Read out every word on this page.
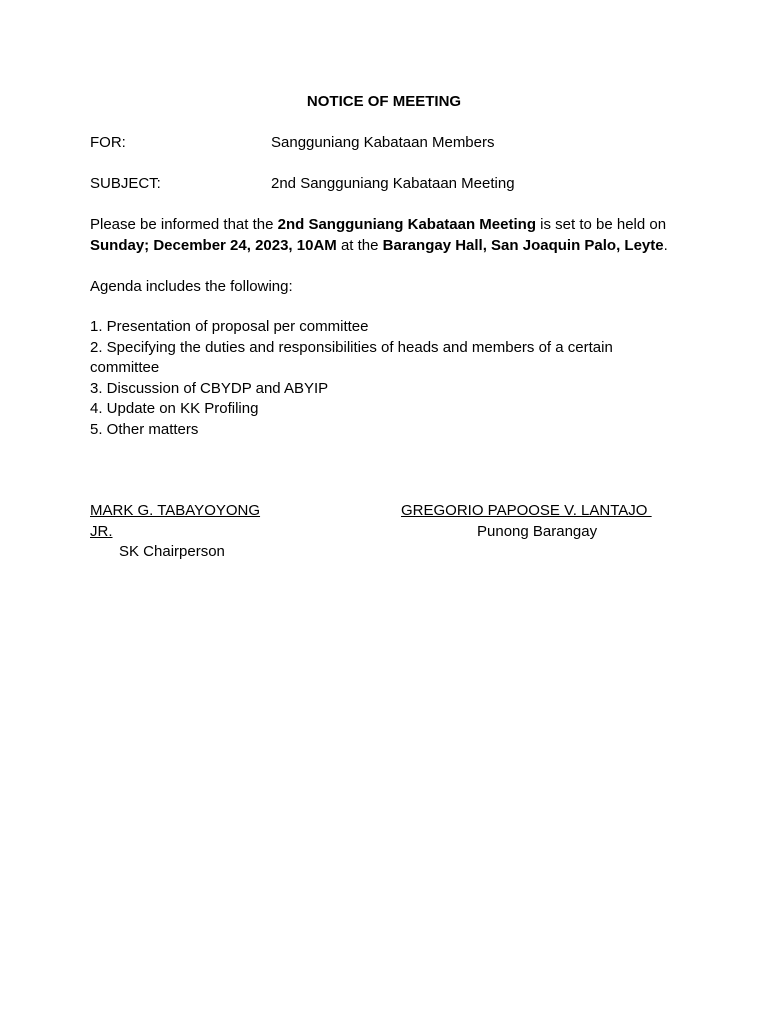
NOTICE OF MEETING
FOR:	Sangguniang Kabataan Members
SUBJECT:	2nd Sangguniang Kabataan Meeting
Please be informed that the 2nd Sangguniang Kabataan Meeting is set to be held on
Sunday; December 24, 2023, 10AM at the Barangay Hall, San Joaquin Palo, Leyte.
Agenda includes the following:
1. Presentation of proposal per committee
2. Specifying the duties and responsibilities of heads and members of a certain committee
3. Discussion of CBYDP and ABYIP
4. Update on KK Profiling
5. Other matters
MARK G. TABAYOYONG
JR.
SK Chairperson
GREGORIO PAPOOSE V. LANTAJO

Punong Barangay
